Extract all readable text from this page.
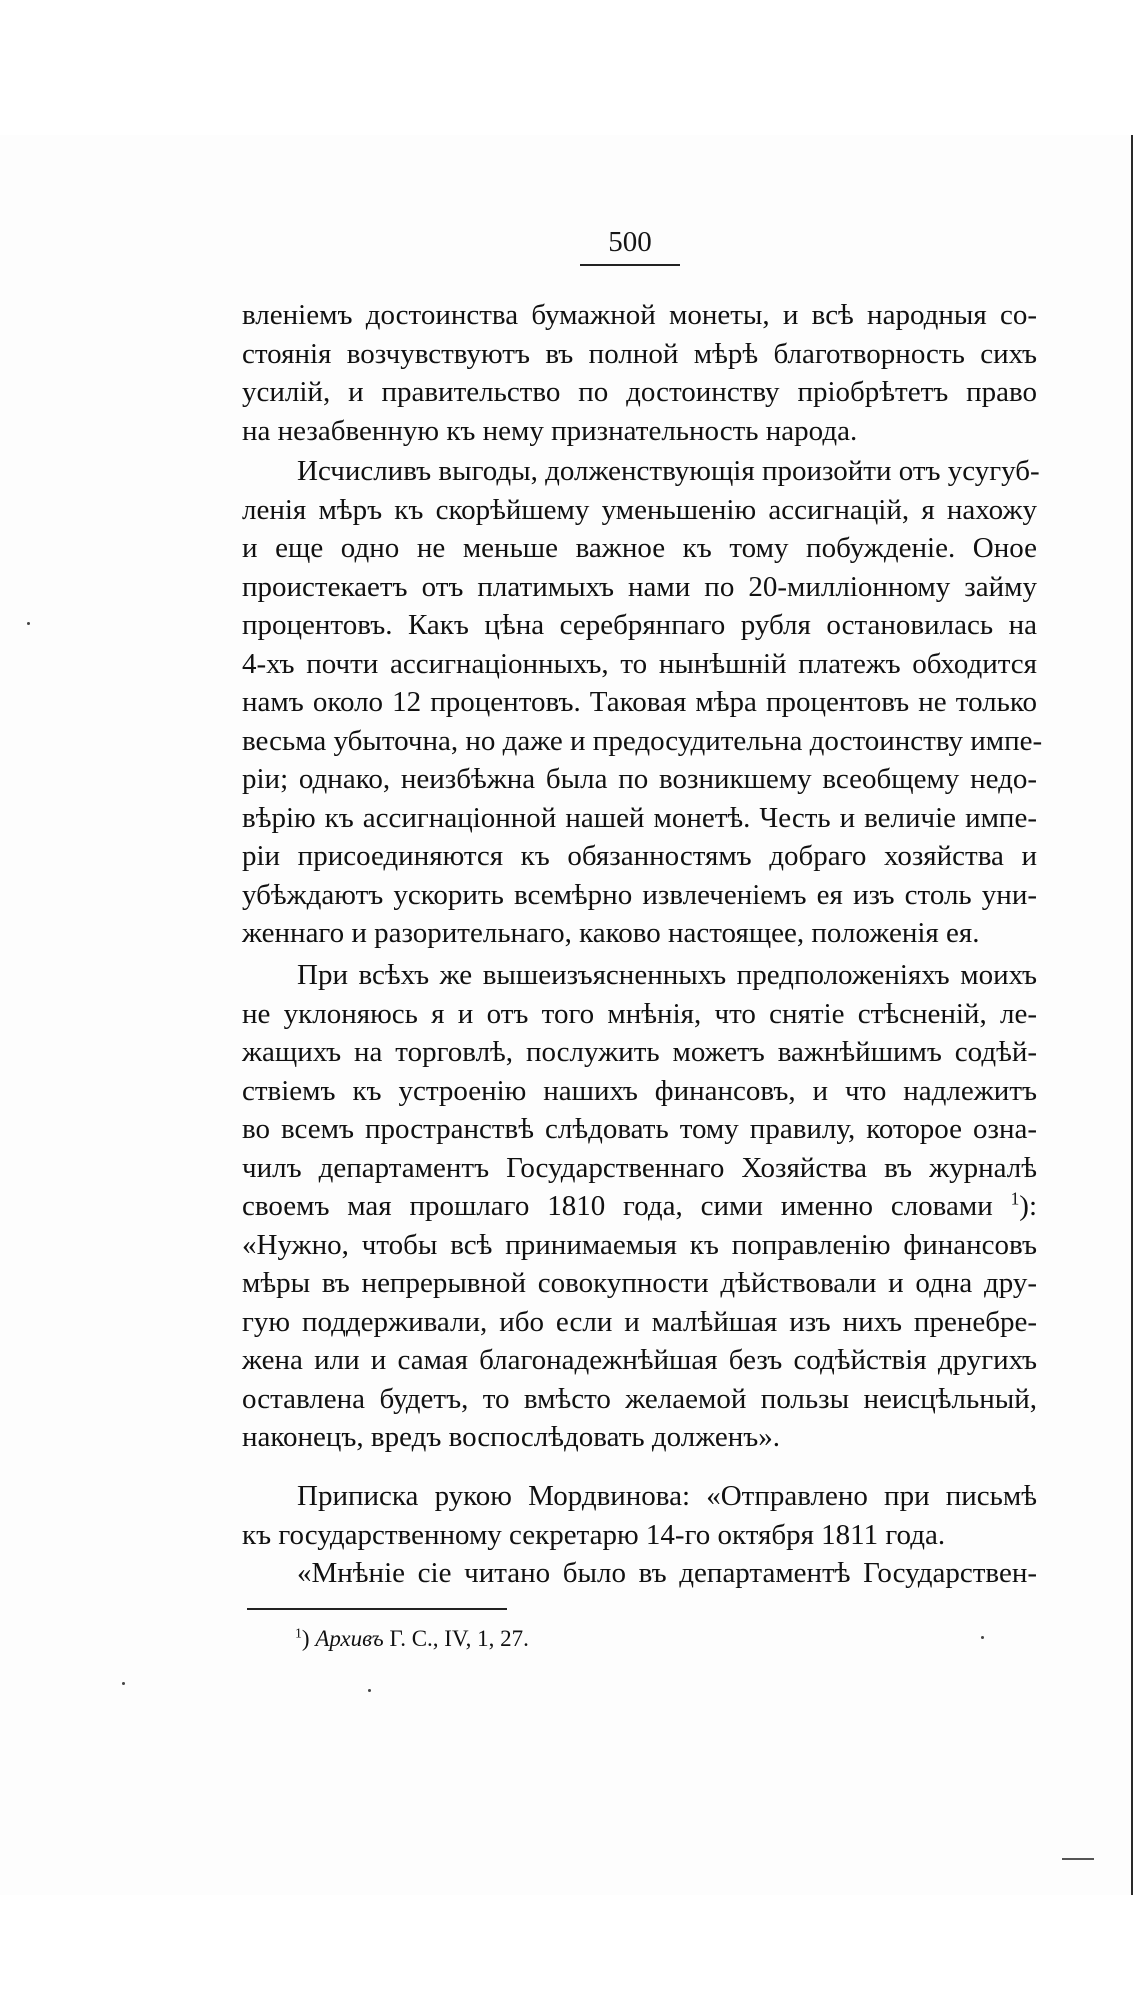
500

вленіемъ достоинства бумажной монеты, и всѣ народныя со-
стоянія возчувствуютъ въ полной мѣрѣ благотворность сихъ
усилій, и правительство по достоинству пріобрѣтетъ право
на незабвенную къ нему признательность народа.

Исчисливъ выгоды, долженствующія произойти отъ усугуб-
ленія мѣръ къ скорѣйшему уменьшенію ассигнацій, я нахожу
и еще одно не меньше важное къ тому побужденіе. Оное
проистекаетъ отъ платимыхъ нами по 20-милліонному займу
процентовъ. Какъ цѣна серебрянпаго рубля остановилась на
4-хъ почти ассигнаціонныхъ, то нынѣшній платежъ обходится
намъ около 12 процентовъ. Таковая мѣра процентовъ не только
весьма убыточна, но даже и предосудительна достоинству импе-
ріи; однако, неизбѣжна была по возникшему всеобщему недо-
вѣрію къ ассигнаціонной нашей монетѣ. Честь и величіе импе-
ріи присоединяются къ обязанностямъ добраго хозяйства и
убѣждаютъ ускорить всемѣрно извлеченіемъ ея изъ столь уни-
женнаго и разорительнаго, каково настоящее, положенія ея.

При всѣхъ же вышеизъясненныхъ предположеніяхъ моихъ
не уклоняюсь я и отъ того мнѣнія, что снятіе стѣсненій, ле-
жащихъ на торговлѣ, послужить можетъ важнѣйшимъ содѣй-
ствіемъ къ устроенію нашихъ финансовъ, и что надлежитъ
во всемъ пространствѣ слѣдовать тому правилу, которое озна-
чилъ департаментъ Государственнаго Хозяйства въ журналѣ
своемъ мая прошлаго 1810 года, сими именно словами $^1$):
«Нужно, чтобы всѣ принимаемыя къ поправленію финансовъ
мѣры въ непрерывной совокупности дѣйствовали и одна дру-
гую поддерживали, ибо если и малѣйшая изъ нихъ пренебре-
жена или и самая благонадежнѣйшая безъ содѣйствія другихъ
оставлена будетъ, то вмѣсто желаемой пользы неисцѣльный,
наконецъ, вредъ воспослѣдовать долженъ».

Приписка рукою Мордвинова: «Отправлено при письмѣ
къ государственному секретарю 14-го октября 1811 года.

«Мнѣніе сіе читано было въ департаментѣ Государствен-

$^1$) Архивъ Г. С., IV, 1, 27.
